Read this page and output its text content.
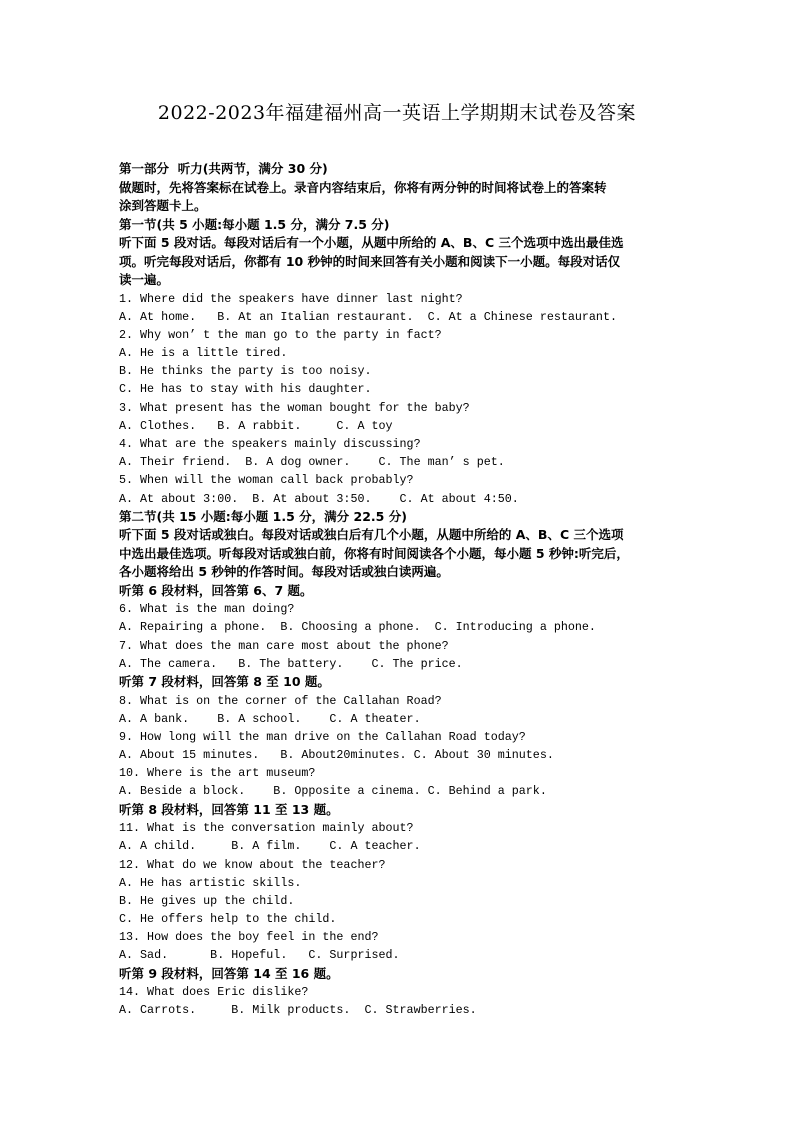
2022-2023年福建福州高一英语上学期期末试卷及答案
第一部分  听力(共两节，满分 30 分)
做题时，先将答案标在试卷上。录音内容结束后，你将有两分钟的时间将试卷上的答案转
涂到答题卡上。
第一节(共 5 小题:每小题 1.5 分，满分 7.5 分)
听下面 5 段对话。每段对话后有一个小题，从题中所给的 A、B、C 三个选项中选出最佳选
项。听完每段对话后，你都有 10 秒钟的时间来回答有关小题和阅读下一小题。每段对话仅
读一遍。
1. Where did the speakers have dinner last night?
A. At home.   B. At an Italian restaurant.  C. At a Chinese restaurant.
2. Why won’ t the man go to the party in fact?
A. He is a little tired.
B. He thinks the party is too noisy.
C. He has to stay with his daughter.
3. What present has the woman bought for the baby?
A. Clothes.   B. A rabbit.     C. A toy
4. What are the speakers mainly discussing?
A. Their friend.  B. A dog owner.    C. The man’ s pet.
5. When will the woman call back probably?
A. At about 3:00.  B. At about 3:50.    C. At about 4:50.
第二节(共 15 小题:每小题 1.5 分，满分 22.5 分)
听下面 5 段对话或独白。每段对话或独白后有几个小题，从题中所给的 A、B、C 三个选项
中选出最佳选项。听每段对话或独白前，你将有时间阅读各个小题，每小题 5 秒钟:听完后，
各小题将给出 5 秒钟的作答时间。每段对话或独白读两遍。
听第 6 段材料，回答第 6、7 题。
6. What is the man doing?
A. Repairing a phone.  B. Choosing a phone.  C. Introducing a phone.
7. What does the man care most about the phone?
A. The camera.   B. The battery.    C. The price.
听第 7 段材料，回答第 8 至 10 题。
8. What is on the corner of the Callahan Road?
A. A bank.    B. A school.    C. A theater.
9. How long will the man drive on the Callahan Road today?
A. About 15 minutes.   B. About20minutes. C. About 30 minutes.
10. Where is the art museum?
A. Beside a block.    B. Opposite a cinema. C. Behind a park.
听第 8 段材料，回答第 11 至 13 题。
11. What is the conversation mainly about?
A. A child.     B. A film.    C. A teacher.
12. What do we know about the teacher?
A. He has artistic skills.
B. He gives up the child.
C. He offers help to the child.
13. How does the boy feel in the end?
A. Sad.      B. Hopeful.   C. Surprised.
听第 9 段材料，回答第 14 至 16 题。
14. What does Eric dislike?
A. Carrots.     B. Milk products.  C. Strawberries.
